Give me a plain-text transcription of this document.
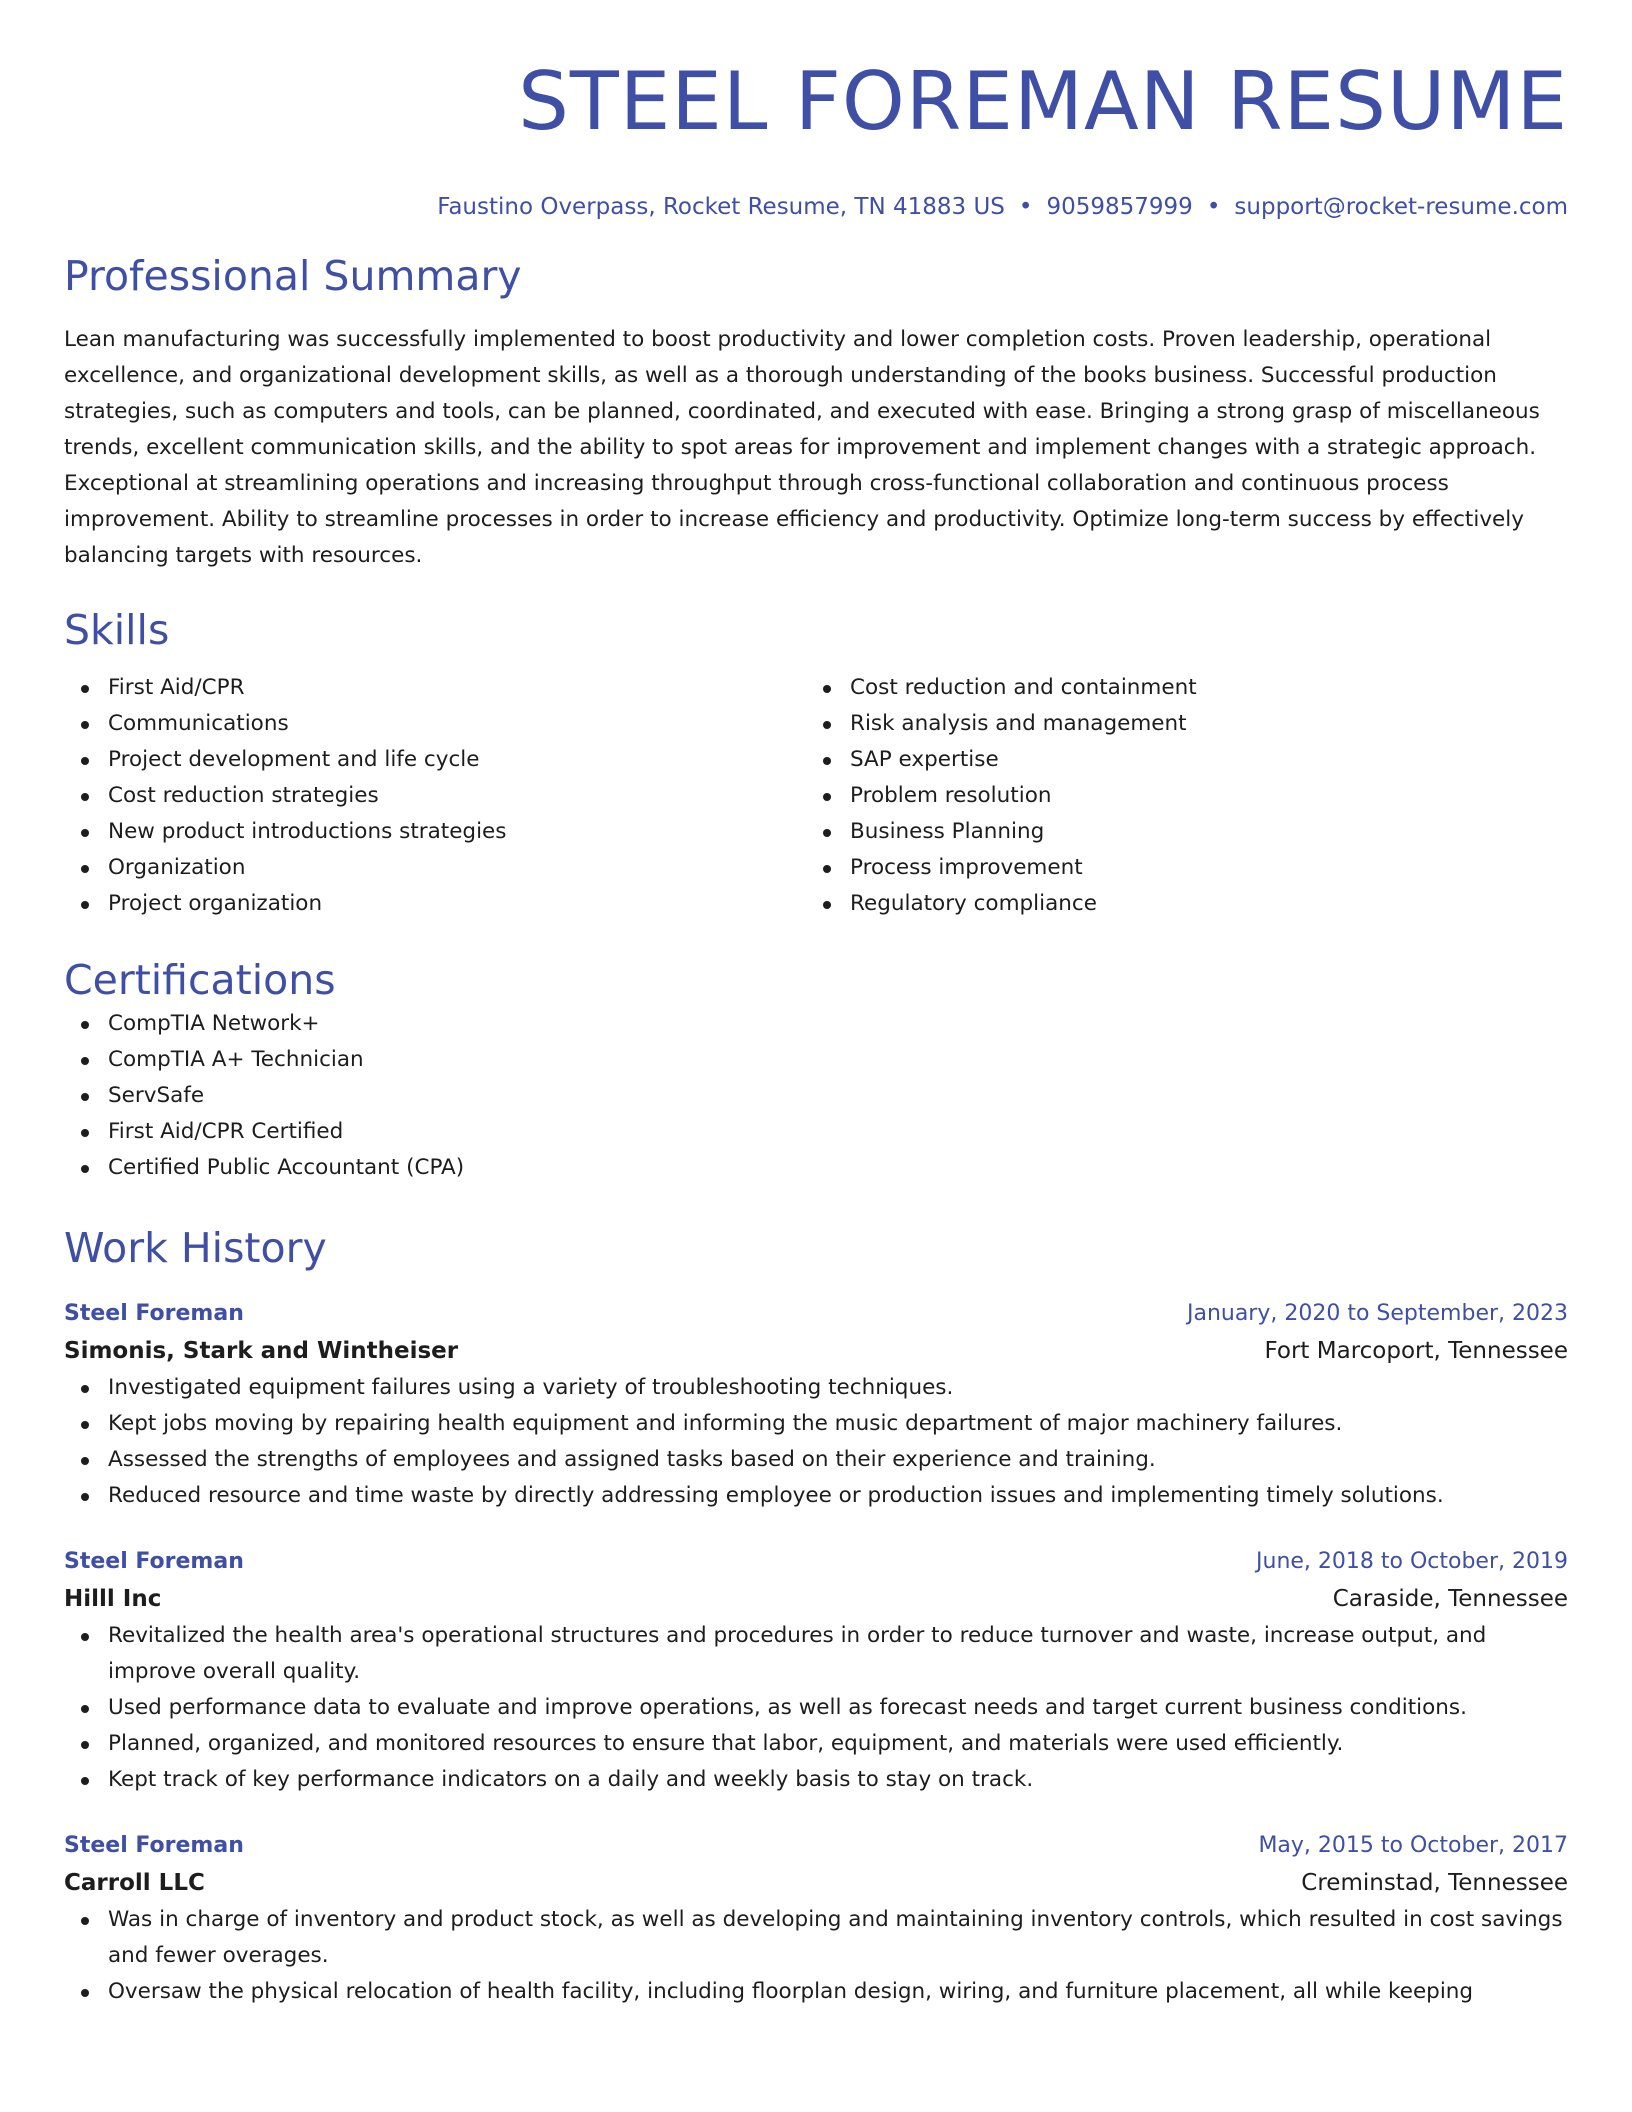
STEEL FOREMAN RESUME
Faustino Overpass, Rocket Resume, TN 41883 US • 9059857999 • support@rocket-resume.com
Professional Summary

Lean manufacturing was successfully implemented to boost productivity and lower completion costs. Proven leadership, operational excellence, and organizational development skills, as well as a thorough understanding of the books business. Successful production strategies, such as computers and tools, can be planned, coordinated, and executed with ease. Bringing a strong grasp of miscellaneous trends, excellent communication skills, and the ability to spot areas for improvement and implement changes with a strategic approach. Exceptional at streamlining operations and increasing throughput through cross-functional collaboration and continuous process improvement. Ability to streamline processes in order to increase efficiency and productivity. Optimize long-term success by effectively balancing targets with resources.

Skills
First Aid/CPR
Communications
Project development and life cycle
Cost reduction strategies
New product introductions strategies
Organization
Project organization
Cost reduction and containment
Risk analysis and management
SAP expertise
Problem resolution
Business Planning
Process improvement
Regulatory compliance
Certifications
CompTIA Network+
CompTIA A+ Technician
ServSafe
First Aid/CPR Certified
Certified Public Accountant (CPA)
Work History
Steel Foreman	January, 2020 to September, 2023
Simonis, Stark and Wintheiser	Fort Marcoport, Tennessee
Investigated equipment failures using a variety of troubleshooting techniques.
Kept jobs moving by repairing health equipment and informing the music department of major machinery failures.
Assessed the strengths of employees and assigned tasks based on their experience and training.
Reduced resource and time waste by directly addressing employee or production issues and implementing timely solutions.
Steel Foreman	June, 2018 to October, 2019
Hilll Inc	Caraside, Tennessee
Revitalized the health area's operational structures and procedures in order to reduce turnover and waste, increase output, and improve overall quality.
Used performance data to evaluate and improve operations, as well as forecast needs and target current business conditions.
Planned, organized, and monitored resources to ensure that labor, equipment, and materials were used efficiently.
Kept track of key performance indicators on a daily and weekly basis to stay on track.
Steel Foreman	May, 2015 to October, 2017
Carroll LLC	Creminstad, Tennessee
Was in charge of inventory and product stock, as well as developing and maintaining inventory controls, which resulted in cost savings and fewer overages.
Oversaw the physical relocation of health facility, including floorplan design, wiring, and furniture placement, all while keeping
